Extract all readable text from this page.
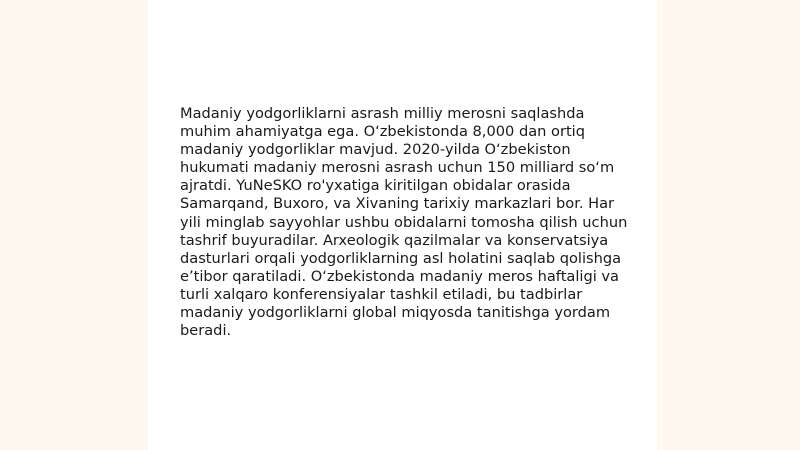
Madaniy yodgorliklarni asrash milliy merosni saqlashda muhim ahamiyatga ega. O‘zbekistonda 8,000 dan ortiq madaniy yodgorliklar mavjud. 2020-yilda O‘zbekiston hukumati madaniy merosni asrash uchun 150 milliard so‘m ajratdi. YuNeSKO ro'yxatiga kiritilgan obidalar orasida Samarqand, Buxoro, va Xivaning tarixiy markazlari bor. Har yili minglab sayyohlar ushbu obidalarni tomosha qilish uchun tashrif buyuradilar. Arxeologik qazilmalar va konservatsiya dasturlari orqali yodgorliklarning asl holatini saqlab qolishga e’tibor qaratiladi. O‘zbekistonda madaniy meros haftaligi va turli xalqaro konferensiyalar tashkil etiladi, bu tadbirlar madaniy yodgorliklarni global miqyosda tanitishga yordam beradi.
